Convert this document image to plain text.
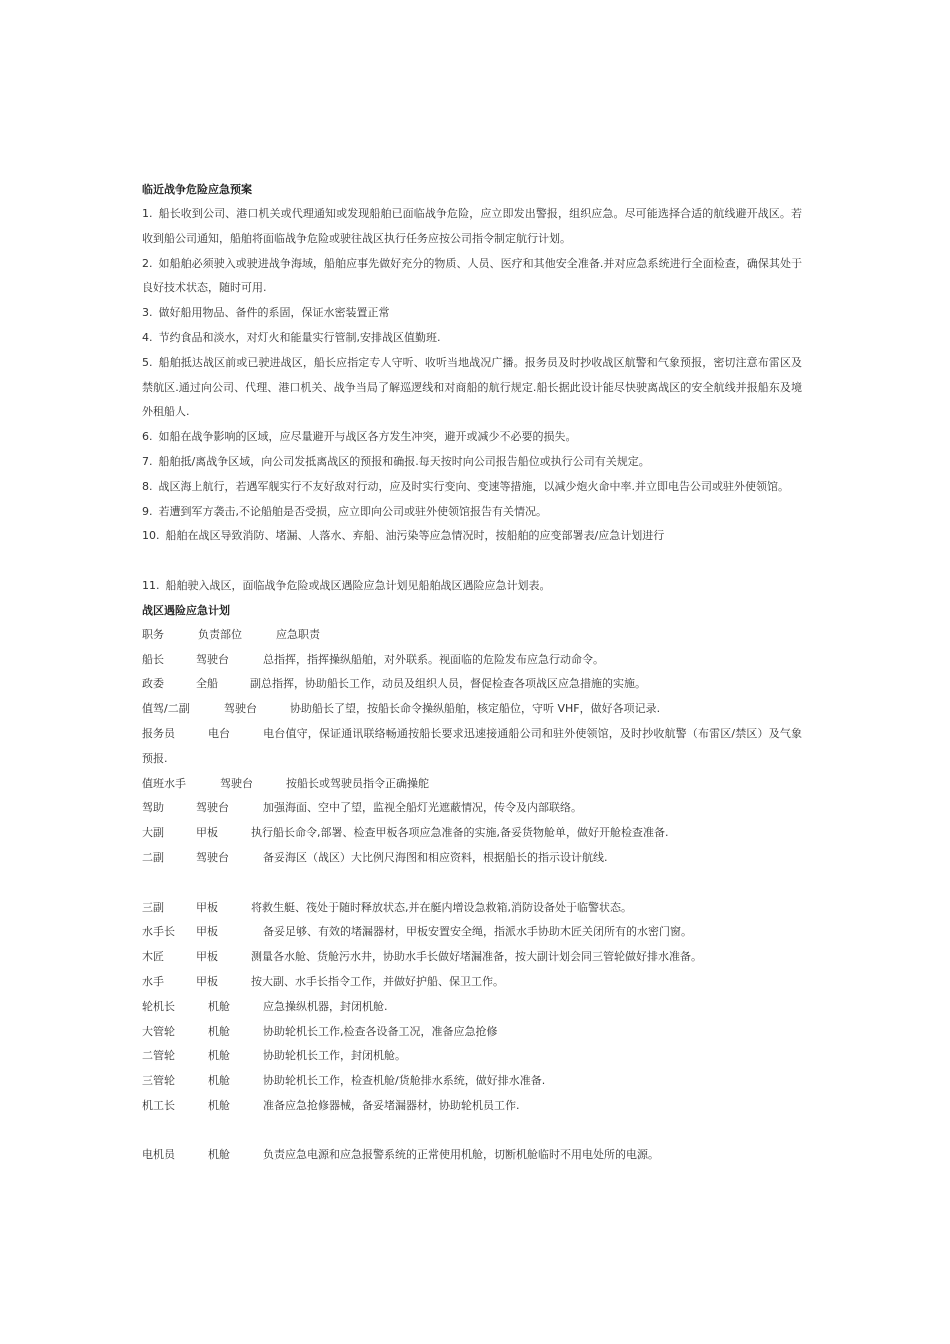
临近战争危险应急预案
1. 船长收到公司、港口机关或代理通知或发现船舶已面临战争危险，应立即发出警报，组织应急。尽可能选择合适的航线避开战区。若收到船公司通知，船舶将面临战争危险或驶往战区执行任务应按公司指令制定航行计划。
2. 如船舶必须驶入或驶进战争海域，船舶应事先做好充分的物质、人员、医疗和其他安全准备.并对应急系统进行全面检查，确保其处于良好技术状态，随时可用.
3. 做好船用物品、备件的系固，保证水密装置正常
4. 节约食品和淡水，对灯火和能量实行管制,安排战区值勤班.
5. 船舶抵达战区前或已驶进战区，船长应指定专人守听、收听当地战况广播。报务员及时抄收战区航警和气象预报，密切注意布雷区及禁航区.通过向公司、代理、港口机关、战争当局了解巡逻线和对商船的航行规定.船长据此设计能尽快驶离战区的安全航线并报船东及境外租船人.
6. 如船在战争影响的区域，应尽量避开与战区各方发生冲突，避开或减少不必要的损失。
7. 船舶抵/离战争区域，向公司发抵离战区的预报和确报.每天按时向公司报告船位或执行公司有关规定。
8. 战区海上航行，若遇军舰实行不友好敌对行动，应及时实行变向、变速等措施，以减少炮火命中率.并立即电告公司或驻外使领馆。
9. 若遭到军方袭击,不论船舶是否受损，应立即向公司或驻外使领馆报告有关情况。
10. 船舶在战区导致消防、堵漏、人落水、弃船、油污染等应急情况时，按船舶的应变部署表/应急计划进行
11. 船舶驶入战区，面临战争危险或战区遇险应急计划见船舶战区遇险应急计划表。
战区遇险应急计划
职务	负责部位	应急职责
船长	驾驶台	总指挥，指挥操纵船舶，对外联系。视面临的危险发布应急行动命令。
政委	全船	副总指挥，协助船长工作，动员及组织人员，督促检查各项战区应急措施的实施。
值驾/二副	驾驶台	协助船长了望，按船长命令操纵船舶，核定船位，守听 VHF，做好各项记录.
报务员	电台	电台值守，保证通讯联络畅通按船长要求迅速接通船公司和驻外使领馆，及时抄收航警（布雷区/禁区）及气象预报.
值班水手	驾驶台	按船长或驾驶员指令正确操舵
驾助	驾驶台	加强海面、空中了望，监视全船灯光遮蔽情况，传令及内部联络。
大副	甲板	执行船长命令,部署、检查甲板各项应急准备的实施,备妥货物舱单，做好开舱检查准备.
二副	驾驶台	备妥海区（战区）大比例尺海图和相应资料，根据船长的指示设计航线.
三副	甲板	将救生艇、筏处于随时释放状态,并在艇内增设急救箱,消防设备处于临警状态。
水手长 甲板	备妥足够、有效的堵漏器材，甲板安置安全绳，指派水手协助木匠关闭所有的水密门窗。
木匠	甲板	测量各水舱、货舱污水井，协助水手长做好堵漏准备，按大副计划会同三管轮做好排水准备。
水手	甲板	按大副、水手长指令工作，并做好护船、保卫工作。
轮机长	机舱	应急操纵机器，封闭机舱.
大管轮	机舱	协助轮机长工作,检查各设备工况，准备应急抢修
二管轮	机舱	协助轮机长工作，封闭机舱。
三管轮	机舱	协助轮机长工作，检查机舱/货舱排水系统，做好排水准备.
机工长	机舱	准备应急抢修器械，备妥堵漏器材，协助轮机员工作.
电机员	机舱	负责应急电源和应急报警系统的正常使用机舱，切断机舱临时不用电处所的电源。
